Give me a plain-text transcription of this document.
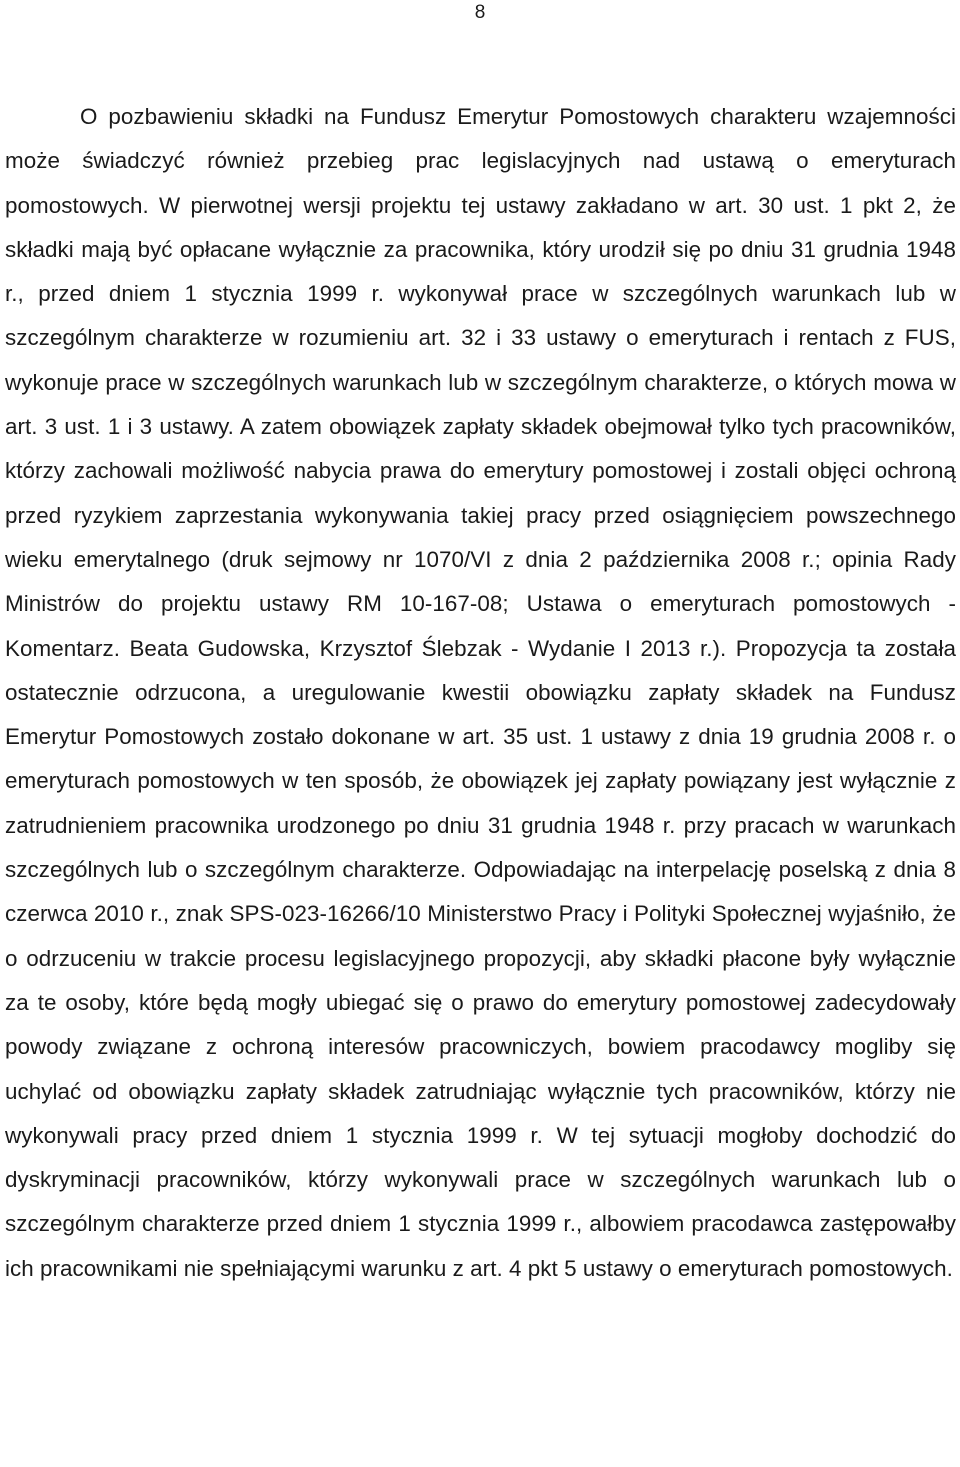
8

O pozbawieniu składki na Fundusz Emerytur Pomostowych charakteru wzajemności może świadczyć również przebieg prac legislacyjnych nad ustawą o emeryturach pomostowych. W pierwotnej wersji projektu tej ustawy zakładano w art. 30 ust. 1 pkt 2, że składki mają być opłacane wyłącznie za pracownika, który urodził się po dniu 31 grudnia 1948 r., przed dniem 1 stycznia 1999 r. wykonywał prace w szczególnych warunkach lub w szczególnym charakterze w rozumieniu art. 32 i 33 ustawy o emeryturach i rentach z FUS, wykonuje prace w szczególnych warunkach lub w szczególnym charakterze, o których mowa w art. 3 ust. 1 i 3 ustawy. A zatem obowiązek zapłaty składek obejmował tylko tych pracowników, którzy zachowali możliwość nabycia prawa do emerytury pomostowej i zostali objęci ochroną przed ryzykiem zaprzestania wykonywania takiej pracy przed osiągnięciem powszechnego wieku emerytalnego (druk sejmowy nr 1070/VI z dnia 2 października 2008 r.; opinia Rady Ministrów do projektu ustawy RM 10-167-08; Ustawa o emeryturach pomostowych - Komentarz. Beata Gudowska, Krzysztof Ślebzak - Wydanie I 2013 r.). Propozycja ta została ostatecznie odrzucona, a uregulowanie kwestii obowiązku zapłaty składek na Fundusz Emerytur Pomostowych zostało dokonane w art. 35 ust. 1 ustawy z dnia 19 grudnia 2008 r. o emeryturach pomostowych w ten sposób, że obowiązek jej zapłaty powiązany jest wyłącznie z zatrudnieniem pracownika urodzonego po dniu 31 grudnia 1948 r. przy pracach w warunkach szczególnych lub o szczególnym charakterze. Odpowiadając na interpelację poselską z dnia 8 czerwca 2010 r., znak SPS-023-16266/10 Ministerstwo Pracy i Polityki Społecznej wyjaśniło, że o odrzuceniu w trakcie procesu legislacyjnego propozycji, aby składki płacone były wyłącznie za te osoby, które będą mogły ubiegać się o prawo do emerytury pomostowej zadecydowały powody związane z ochroną interesów pracowniczych, bowiem pracodawcy mogliby się uchylać od obowiązku zapłaty składek zatrudniając wyłącznie tych pracowników, którzy nie wykonywali pracy przed dniem 1 stycznia 1999 r. W tej sytuacji mogłoby dochodzić do dyskryminacji pracowników, którzy wykonywali prace w szczególnych warunkach lub o szczególnym charakterze przed dniem 1 stycznia 1999 r., albowiem pracodawca zastępowałby ich pracownikami nie spełniającymi warunku z art. 4 pkt 5 ustawy o emeryturach pomostowych.
